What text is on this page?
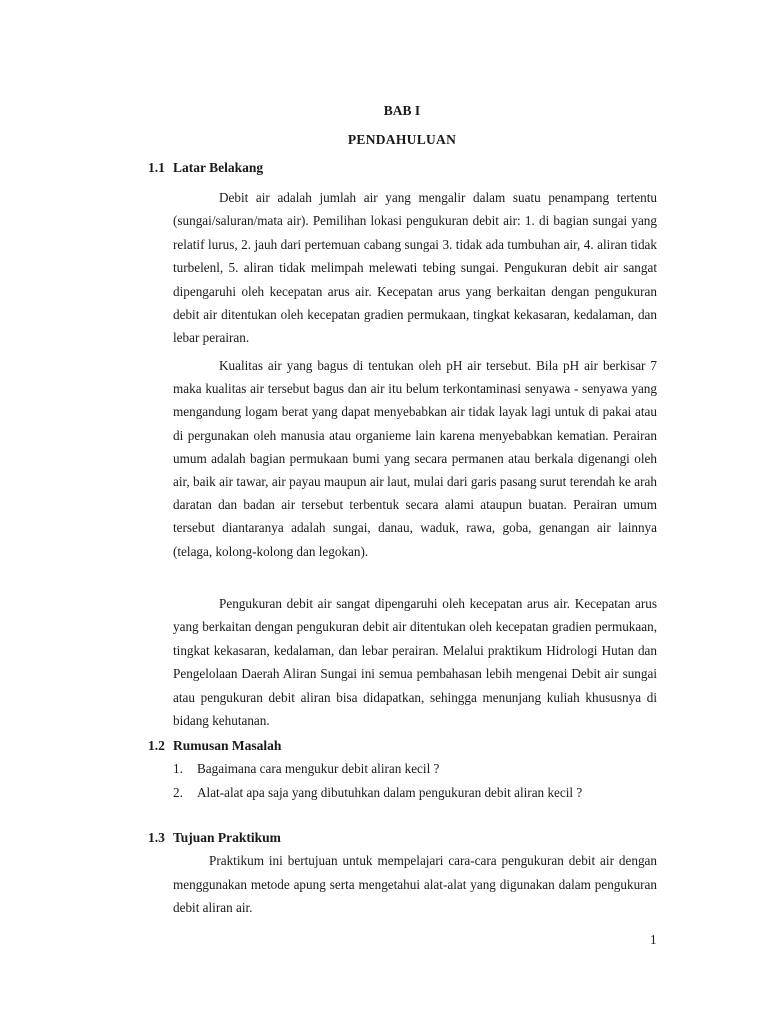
BAB I
PENDAHULUAN
1.1 Latar Belakang

Debit air adalah jumlah air yang mengalir dalam suatu penampang tertentu (sungai/saluran/mata air). Pemilihan lokasi pengukuran debit air: 1. di bagian sungai yang relatif lurus, 2. jauh dari pertemuan cabang sungai 3. tidak ada tumbuhan air, 4. aliran tidak turbelenl, 5. aliran tidak melimpah melewati tebing sungai. Pengukuran debit air sangat dipengaruhi oleh kecepatan arus air. Kecepatan arus yang berkaitan dengan pengukuran debit air ditentukan oleh kecepatan gradien permukaan, tingkat kekasaran, kedalaman, dan lebar perairan.

Kualitas air yang bagus di tentukan oleh pH air tersebut. Bila pH air berkisar 7 maka kualitas air tersebut bagus dan air itu belum terkontaminasi senyawa - senyawa yang mengandung logam berat yang dapat menyebabkan air tidak layak lagi untuk di pakai atau di pergunakan oleh manusia atau organieme lain karena menyebabkan kematian. Perairan umum adalah bagian permukaan bumi yang secara permanen atau berkala digenangi oleh air, baik air tawar, air payau maupun air laut, mulai dari garis pasang surut terendah ke arah daratan dan badan air tersebut terbentuk secara alami ataupun buatan. Perairan umum tersebut diantaranya adalah sungai, danau, waduk, rawa, goba, genangan air lainnya (telaga, kolong-kolong dan legokan).

Pengukuran debit air sangat dipengaruhi oleh kecepatan arus air. Kecepatan arus yang berkaitan dengan pengukuran debit air ditentukan oleh kecepatan gradien permukaan, tingkat kekasaran, kedalaman, dan lebar perairan. Melalui praktikum Hidrologi Hutan dan Pengelolaan Daerah Aliran Sungai ini semua pembahasan lebih mengenai Debit air sungai atau pengukuran debit aliran bisa didapatkan, sehingga menunjang kuliah khususnya di bidang kehutanan.

1.2 Rumusan Masalah
1. Bagaimana cara mengukur debit aliran kecil ?
2. Alat-alat apa saja yang dibutuhkan dalam pengukuran debit aliran kecil ?
1.3 Tujuan Praktikum

Praktikum ini bertujuan untuk mempelajari cara-cara pengukuran debit air dengan menggunakan metode apung serta mengetahui alat-alat yang digunakan dalam pengukuran debit aliran air.

1
